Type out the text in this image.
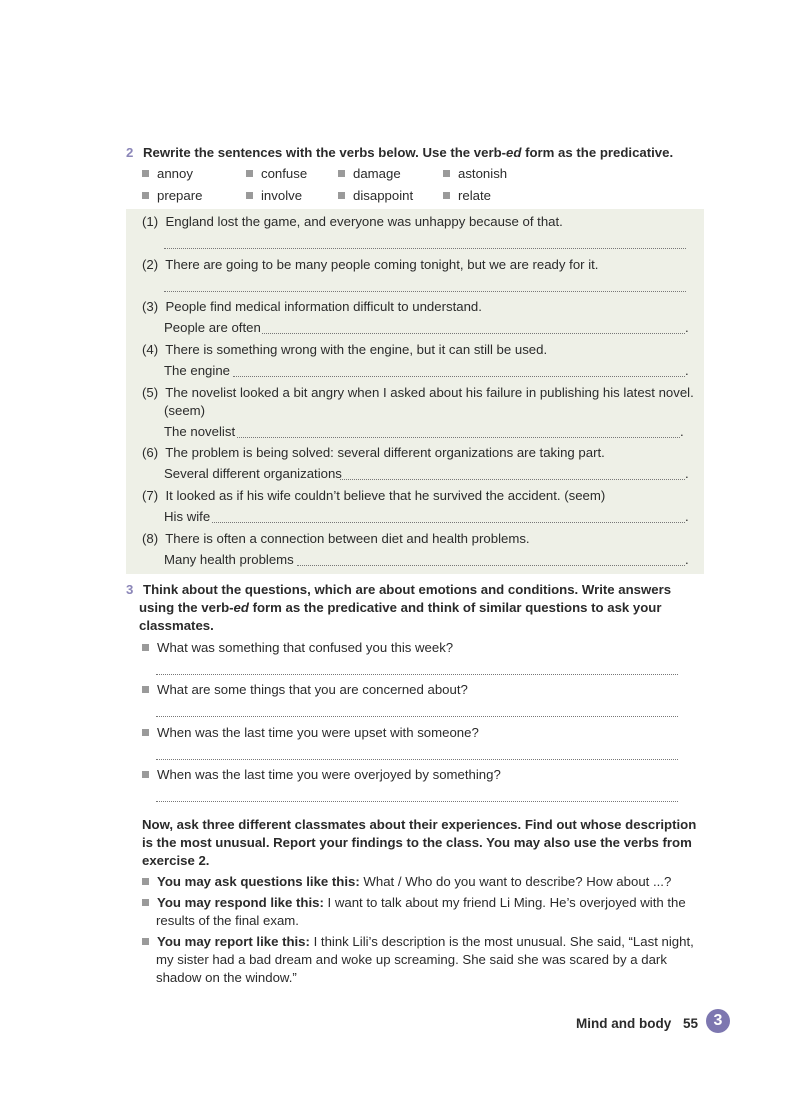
2 Rewrite the sentences with the verbs below. Use the verb-ed form as the predicative.
annoy	confuse	damage	astonish
prepare	involve	disappoint	relate
(1) England lost the game, and everyone was unhappy because of that.
(2) There are going to be many people coming tonight, but we are ready for it.
(3) People find medical information difficult to understand.
People are often	.
(4) There is something wrong with the engine, but it can still be used.
The engine	.
(5) The novelist looked a bit angry when I asked about his failure in publishing his latest novel.
(seem)
The novelist	.
(6) The problem is being solved: several different organizations are taking part.
Several different organizations	.
(7) It looked as if his wife couldn’t believe that he survived the accident. (seem)
His wife	.
(8) There is often a connection between diet and health problems.
Many health problems	.
3 Think about the questions, which are about emotions and conditions. Write answers
using the verb-ed form as the predicative and think of similar questions to ask your
classmates.
What was something that confused you this week?
What are some things that you are concerned about?
When was the last time you were upset with someone?
When was the last time you were overjoyed by something?
Now, ask three different classmates about their experiences. Find out whose description
is the most unusual. Report your findings to the class. You may also use the verbs from
exercise 2.
You may ask questions like this: What / Who do you want to describe? How about ...?
You may respond like this: I want to talk about my friend Li Ming. He’s overjoyed with the
results of the final exam.
You may report like this: I think Lili’s description is the most unusual. She said, “Last night,
my sister had a bad dream and woke up screaming. She said she was scared by a dark
shadow on the window.”
Mind and body 55 3
